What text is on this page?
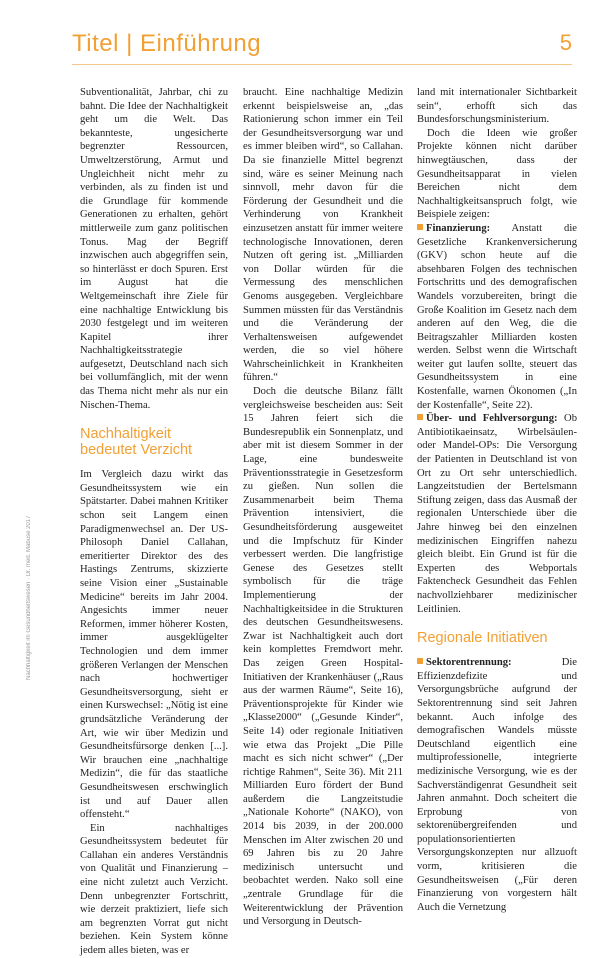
Titel | Einführung	5
Nachhaltigkeit im Gesundheitswesen · Dr. med. Mabuse 2017

Subventionalität, Jahrbar, chi zu bahnt. Die Idee der Nachhaltigkeit geht um die Welt. Das bekannteste, ungesicherte begrenzter Ressourcen, Umweltzerstörung, Armut und Ungleichheit nicht mehr zu verbinden, als zu finden ist und die Grundlage für kommende Generationen zu erhalten, gehört mittlerweile zum ganz politischen Tonus. Mag der Begriff inzwischen auch abgegriffen sein, so hinterlässt er doch Spuren. Erst im August hat die Weltgemeinschaft ihre Ziele für eine nachhaltige Entwicklung bis 2030 festgelegt und im weiteren Kapitel ihrer Nachhaltigkeitsstrategie aufgesetzt, Deutschland nach sich bei vollumfänglich, mit der wenn das Thema nicht mehr als nur ein Nischen-Thema.

Nachhaltigkeit bedeutet Verzicht

Im Vergleich dazu wirkt das Gesundheitssystem wie ein Spätstarter. Dabei mahnen Kritiker schon seit Langem einen Paradigmenwechsel an. Der US-Philosoph Daniel Callahan, emeritierter Direktor des des Hastings Zentrums, skizzierte seine Vision einer „Sustainable Medicine“ bereits im Jahr 2004. Angesichts immer neuer Reformen, immer höherer Kosten, immer ausgeklügelter Technologien und dem immer größeren Verlangen der Menschen nach hochwertiger Gesundheitsversorgung, sieht er einen Kurswechsel: „Nötig ist eine grundsätzliche Veränderung der Art, wie wir über Medizin und Gesundheitsfürsorge denken [...]. Wir brauchen eine „nachhaltige Medizin“, die für das staatliche Gesundheitswesen erschwinglich ist und auf Dauer allen offensteht.“

Ein nachhaltiges Gesundheitssystem bedeutet für Callahan ein anderes Verständnis von Qualität und Finanzierung – eine nicht zuletzt auch Verzicht. Denn unbegrenzter Fortschritt, wie derzeit praktiziert, liefe sich am begrenzten Vorrat gut nicht beziehen. Kein System könne jedem alles bieten, was er

braucht. Eine nachhaltige Medizin erkennt beispielsweise an, „das Rationierung schon immer ein Teil der Gesundheitsversorgung war und es immer bleiben wird“, so Callahan. Da sie finanzielle Mittel begrenzt sind, wäre es seiner Meinung nach sinnvoll, mehr davon für die Förderung der Gesundheit und die Verhinderung von Krankheit einzusetzen anstatt für immer weitere technologische Innovationen, deren Nutzen oft gering ist. „Milliarden von Dollar würden für die Vermessung des menschlichen Genoms ausgegeben. Vergleichbare Summen müssten für das Verständnis und die Veränderung der Verhaltensweisen aufgewendet werden, die so viel höhere Wahrscheinlichkeit in Krankheiten führen.“

Doch die deutsche Bilanz fällt vergleichsweise bescheiden aus: Seit 15 Jahren feiert sich die Bundesrepublik ein Sonnenplatz, und aber mit ist diesem Sommer in der Lage, eine bundesweite Präventionsstrategie in Gesetzesform zu gießen. Nun sollen die Zusammenarbeit beim Thema Prävention intensiviert, die Gesundheitsförderung ausgeweitet und die Impfschutz für Kinder verbessert werden. Die langfristige Genese des Gesetzes stellt symbolisch für die träge Implementierung der Nachhaltigkeitsidee in die Strukturen des deutschen Gesundheitswesens. Zwar ist Nachhaltigkeit auch dort kein komplettes Fremdwort mehr. Das zeigen Green Hospital-Initiativen der Krankenhäuser („Raus aus der warmen Räume“, Seite 16), Präventionsprojekte für Kinder wie „Klasse2000“ („Gesunde Kinder“, Seite 14) oder regionale Initiativen wie etwa das Projekt „Die Pille macht es sich nicht schwer“ („Der richtige Rahmen“, Seite 36). Mit 211 Milliarden Euro fördert der Bund außerdem die Langzeitstudie „Nationale Kohorte“ (NAKO), von 2014 bis 2039, in der 200.000 Menschen im Alter zwischen 20 und 69 Jahren bis zu 20 Jahre medizinisch untersucht und beobachtet werden. Nako soll eine „zentrale Grundlage für die Weiterentwicklung der Prävention und Versorgung in Deutsch-

land mit internationaler Sichtbarkeit sein“, erhofft sich das Bundesforschungsministerium.

Doch die Ideen wie großer Projekte können nicht darüber hinwegtäuschen, dass der Gesundheitsapparat in vielen Bereichen nicht dem Nachhaltigkeitsanspruch folgt, wie Beispiele zeigen:

Finanzierung: Anstatt die Gesetzliche Krankenversicherung (GKV) schon heute auf die absehbaren Folgen des technischen Fortschritts und des demografischen Wandels vorzubereiten, bringt die Große Koalition im Gesetz nach dem anderen auf den Weg, die die Beitragszahler Milliarden kosten werden. Selbst wenn die Wirtschaft weiter gut laufen sollte, steuert das Gesundheitssystem in eine Kostenfalle, warnen Ökonomen („In der Kostenfalle“, Seite 22).

Über- und Fehlversorgung: Ob Antibiotikaeinsatz, Wirbelsäulen- oder Mandel-OPs: Die Versorgung der Patienten in Deutschland ist von Ort zu Ort sehr unterschiedlich. Langzeitstudien der Bertelsmann Stiftung zeigen, dass das Ausmaß der regionalen Unterschiede über die Jahre hinweg bei den einzelnen medizinischen Eingriffen nahezu gleich bleibt. Ein Grund ist für die Experten des Webportals Faktencheck Gesundheit das Fehlen nachvollziehbarer medizinischer Leitlinien.

Regionale Initiativen

Sektorentrennung:	Die Effizienzdefizite und Versorgungsbrüche aufgrund der Sektorentrennung sind seit Jahren bekannt. Auch infolge des demografischen Wandels müsste Deutschland eigentlich eine multiprofessionelle, integrierte medizinische Versorgung, wie es der Sachverständigenrat Gesundheit seit Jahren anmahnt. Doch scheitert die Erprobung von sektorenübergreifenden und populationsorientierten Versorgungskonzepten nur allzuoft vorm, kritisieren die Gesundheitsweisen („Für deren Finanzierung von vorgestern hält Auch die Vernetzung
